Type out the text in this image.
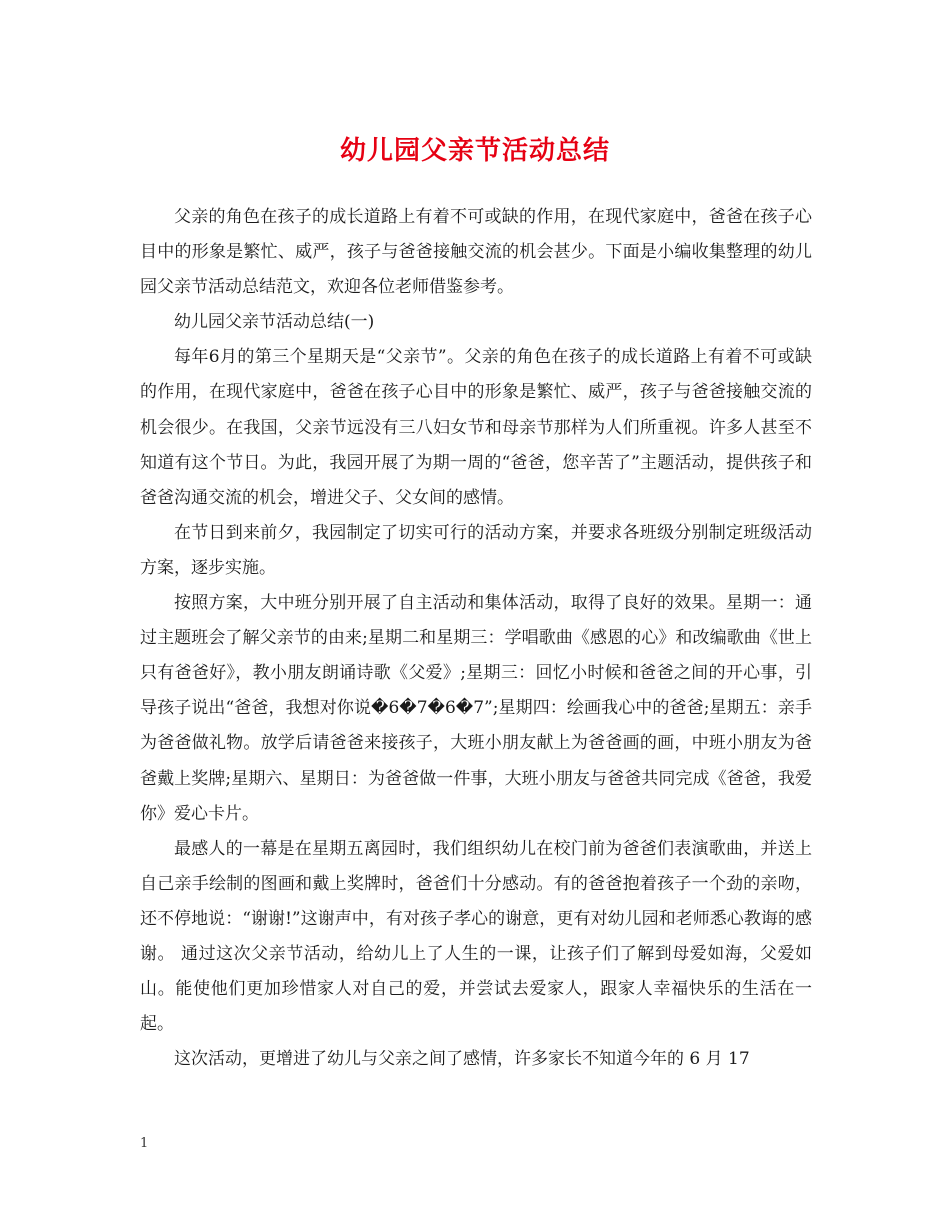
幼儿园父亲节活动总结

父亲的角色在孩子的成长道路上有着不可或缺的作用，在现代家庭中，爸爸在孩子心目中的形象是繁忙、威严，孩子与爸爸接触交流的机会甚少。下面是小编收集整理的幼儿园父亲节活动总结范文，欢迎各位老师借鉴参考。

幼儿园父亲节活动总结(一)

每年6月的第三个星期天是“父亲节”。父亲的角色在孩子的成长道路上有着不可或缺的作用，在现代家庭中，爸爸在孩子心目中的形象是繁忙、威严，孩子与爸爸接触交流的机会很少。在我国，父亲节远没有三八妇女节和母亲节那样为人们所重视。许多人甚至不知道有这个节日。为此，我园开展了为期一周的“爸爸，您辛苦了”主题活动，提供孩子和爸爸沟通交流的机会，增进父子、父女间的感情。

在节日到来前夕，我园制定了切实可行的活动方案，并要求各班级分别制定班级活动方案，逐步实施。

按照方案，大中班分别开展了自主活动和集体活动，取得了良好的效果。星期一：通过主题班会了解父亲节的由来;星期二和星期三：学唱歌曲《感恩的心》和改编歌曲《世上只有爸爸好》，教小朋友朗诵诗歌《父爱》;星期三：回忆小时候和爸爸之间的开心事，引导孩子说出“爸爸，我想对你说�6�7�6�7”;星期四：绘画我心中的爸爸;星期五：亲手为爸爸做礼物。放学后请爸爸来接孩子，大班小朋友献上为爸爸画的画，中班小朋友为爸爸戴上奖牌;星期六、星期日：为爸爸做一件事，大班小朋友与爸爸共同完成《爸爸，我爱你》爱心卡片。

最感人的一幕是在星期五离园时，我们组织幼儿在校门前为爸爸们表演歌曲，并送上自己亲手绘制的图画和戴上奖牌时，爸爸们十分感动。有的爸爸抱着孩子一个劲的亲吻，还不停地说：“谢谢!”这谢声中，有对孩子孝心的谢意，更有对幼儿园和老师悉心教诲的感谢。 通过这次父亲节活动，给幼儿上了人生的一课，让孩子们了解到母爱如海，父爱如山。能使他们更加珍惜家人对自己的爱，并尝试去爱家人，跟家人幸福快乐的生活在一起。

这次活动，更增进了幼儿与父亲之间了感情，许多家长不知道今年的 6 月 17

1
